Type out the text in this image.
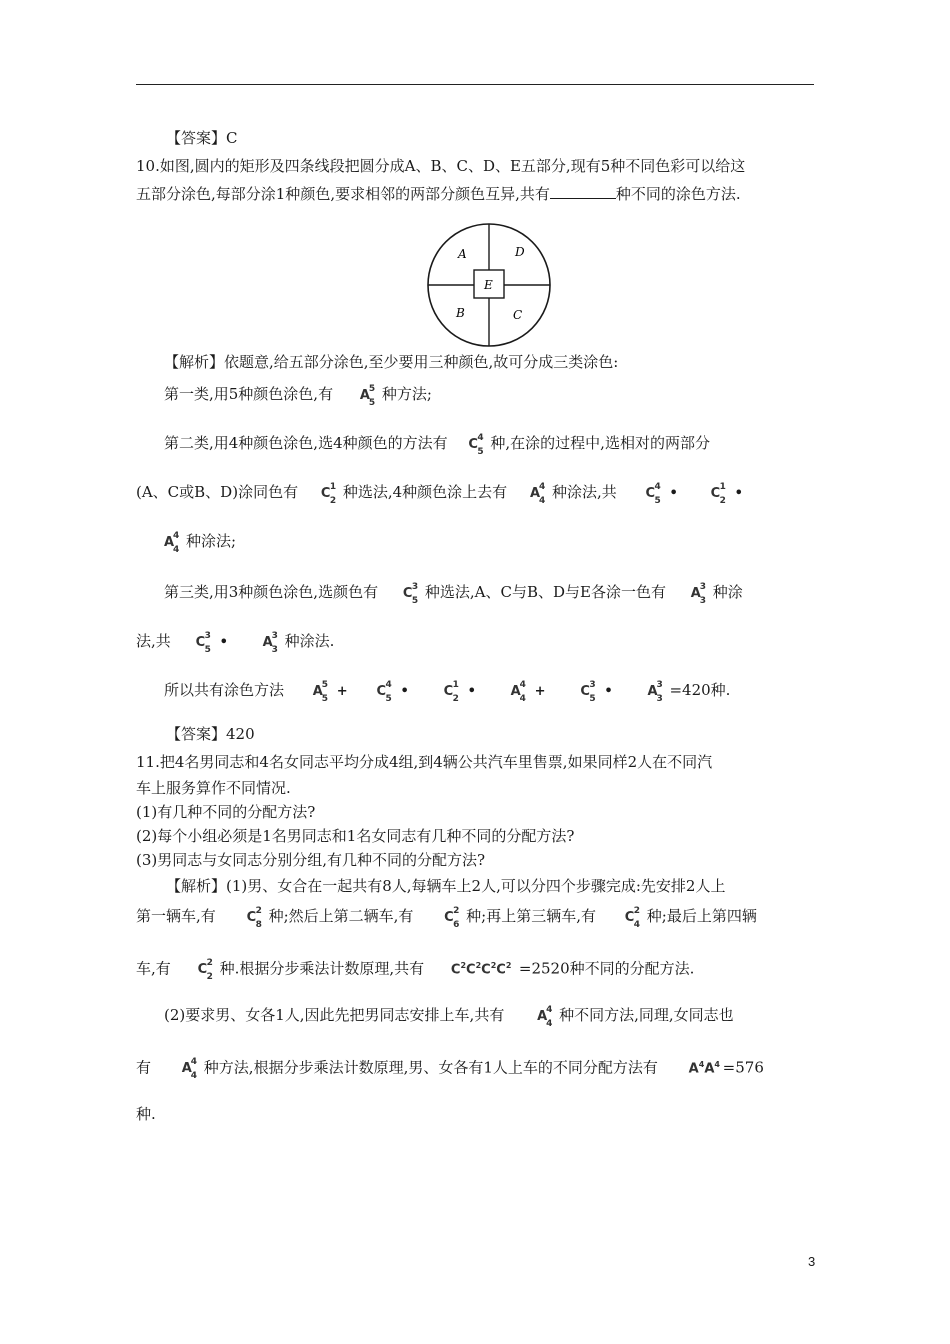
【答案】C
10.如图,圆内的矩形及四条线段把圆分成A、B、C、D、E五部分,现有5种不同色彩可以给这
五部分涂色,每部分涂1种颜色,要求相邻的两部分颜色互异,共有	种不同的涂色方法.
A	D
E
B	C
【解析】依题意,给五部分涂色,至少要用三种颜色,故可分成三类涂色:
第一类,用5种颜色涂色,有 A
5
5 种方法;
第二类,用4种颜色涂色,选4种颜色的方法有 C 4
5 种,在涂的过程中,选相对的两部分
(A、C或B、D)涂同色有 C 1
2 种选法,4种颜色涂上去有 A
4
4 种涂法,共 C 4
5 •	C 1
2 •
A
4
4 种涂法;
第三类,用3种颜色涂色,选颜色有 C 3
5 种选法,A、C与B、D与E各涂一色有 A
3
3 种涂
法,共 C 3
5 •	A
3
3 种涂法.
所以共有涂色方法 A
5
5 + C 4
5 •	C 1
2 •	A
4
4 +	C 3
5 •	A
3
3 =420种.
【答案】420
11.把4名男同志和4名女同志平均分成4组,到4辆公共汽车里售票,如果同样2人在不同汽
车上服务算作不同情况.
(1)有几种不同的分配方法?
(2)每个小组必须是1名男同志和1名女同志有几种不同的分配方法?
(3)男同志与女同志分别分组,有几种不同的分配方法?
【解析】(1)男、女合在一起共有8人,每辆车上2人,可以分四个步骤完成:先安排2人上
第一辆车,有 C 2
8 种;然后上第二辆车,有 C 2
6 种;再上第三辆车,有 C 2
4 种;最后上第四辆
车,有 C 2
2 种.根据分步乘法计数原理,共有 $C^2C^2C^2C^2 =2520$种不同的分配方法.
(2)要求男、女各1人,因此先把男同志安排上车,共有	A
4
4 种不同方法,同理,女同志也
有 A
4
4 种方法,根据分步乘法计数原理,男、女各有1人上车的不同分配方法有 $A^4A^4 =576$
种.
3
